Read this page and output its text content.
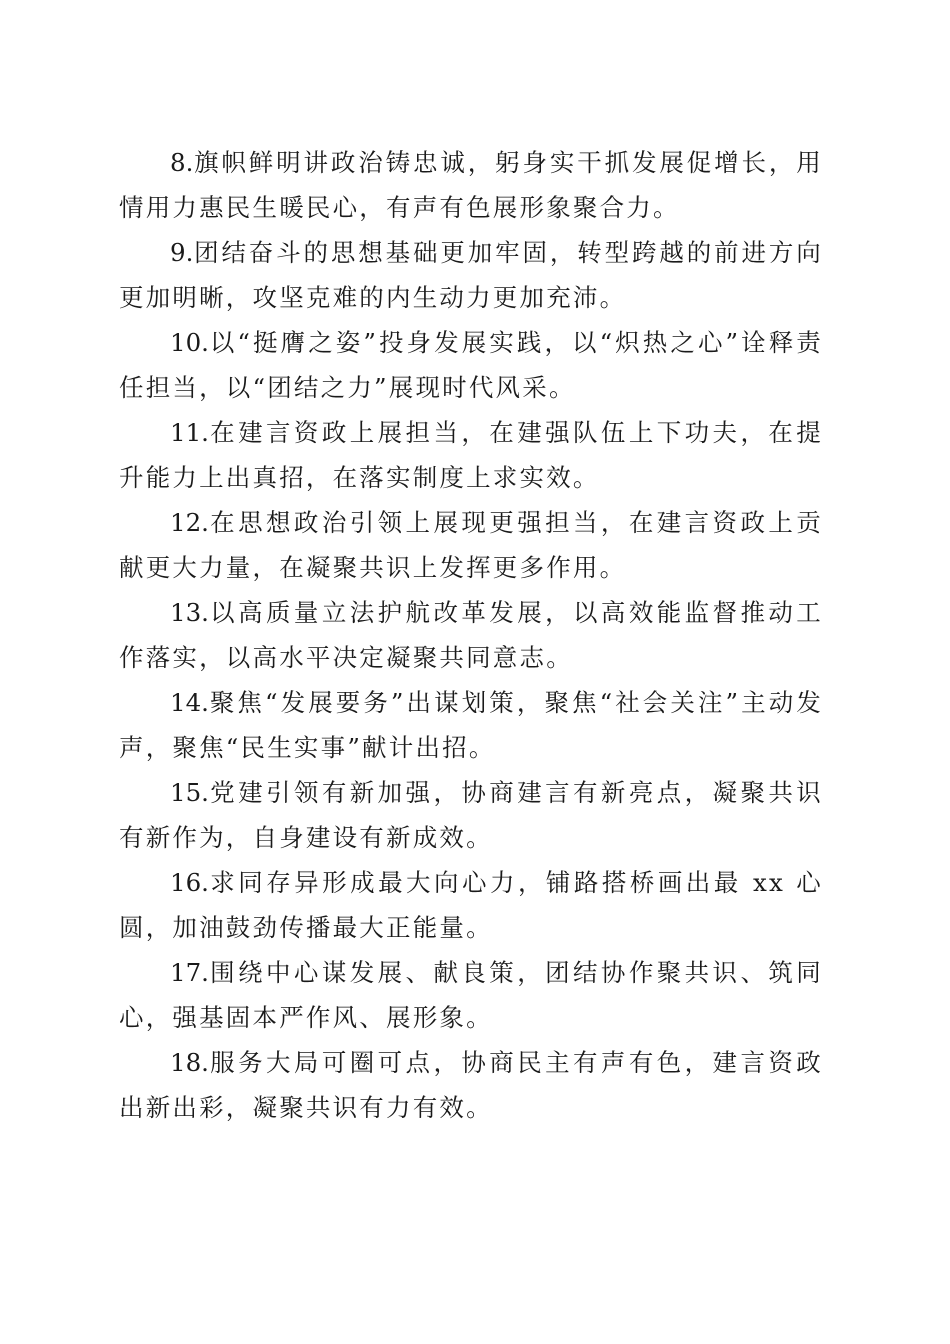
8.旗帜鲜明讲政治铸忠诚，躬身实干抓发展促增长，用情用力惠民生暖民心，有声有色展形象聚合力。

9.团结奋斗的思想基础更加牢固，转型跨越的前进方向更加明晰，攻坚克难的内生动力更加充沛。

10.以“挺膺之姿”投身发展实践，以“炽热之心”诠释责任担当，以“团结之力”展现时代风采。

11.在建言资政上展担当，在建强队伍上下功夫，在提升能力上出真招，在落实制度上求实效。

12.在思想政治引领上展现更强担当，在建言资政上贡献更大力量，在凝聚共识上发挥更多作用。

13.以高质量立法护航改革发展，以高效能监督推动工作落实，以高水平决定凝聚共同意志。

14.聚焦“发展要务”出谋划策，聚焦“社会关注”主动发声，聚焦“民生实事”献计出招。

15.党建引领有新加强，协商建言有新亮点，凝聚共识有新作为，自身建设有新成效。

16.求同存异形成最大向心力，铺路搭桥画出最 xx 心圆，加油鼓劲传播最大正能量。

17.围绕中心谋发展、献良策，团结协作聚共识、筑同心，强基固本严作风、展形象。

18.服务大局可圈可点，协商民主有声有色，建言资政出新出彩，凝聚共识有力有效。
